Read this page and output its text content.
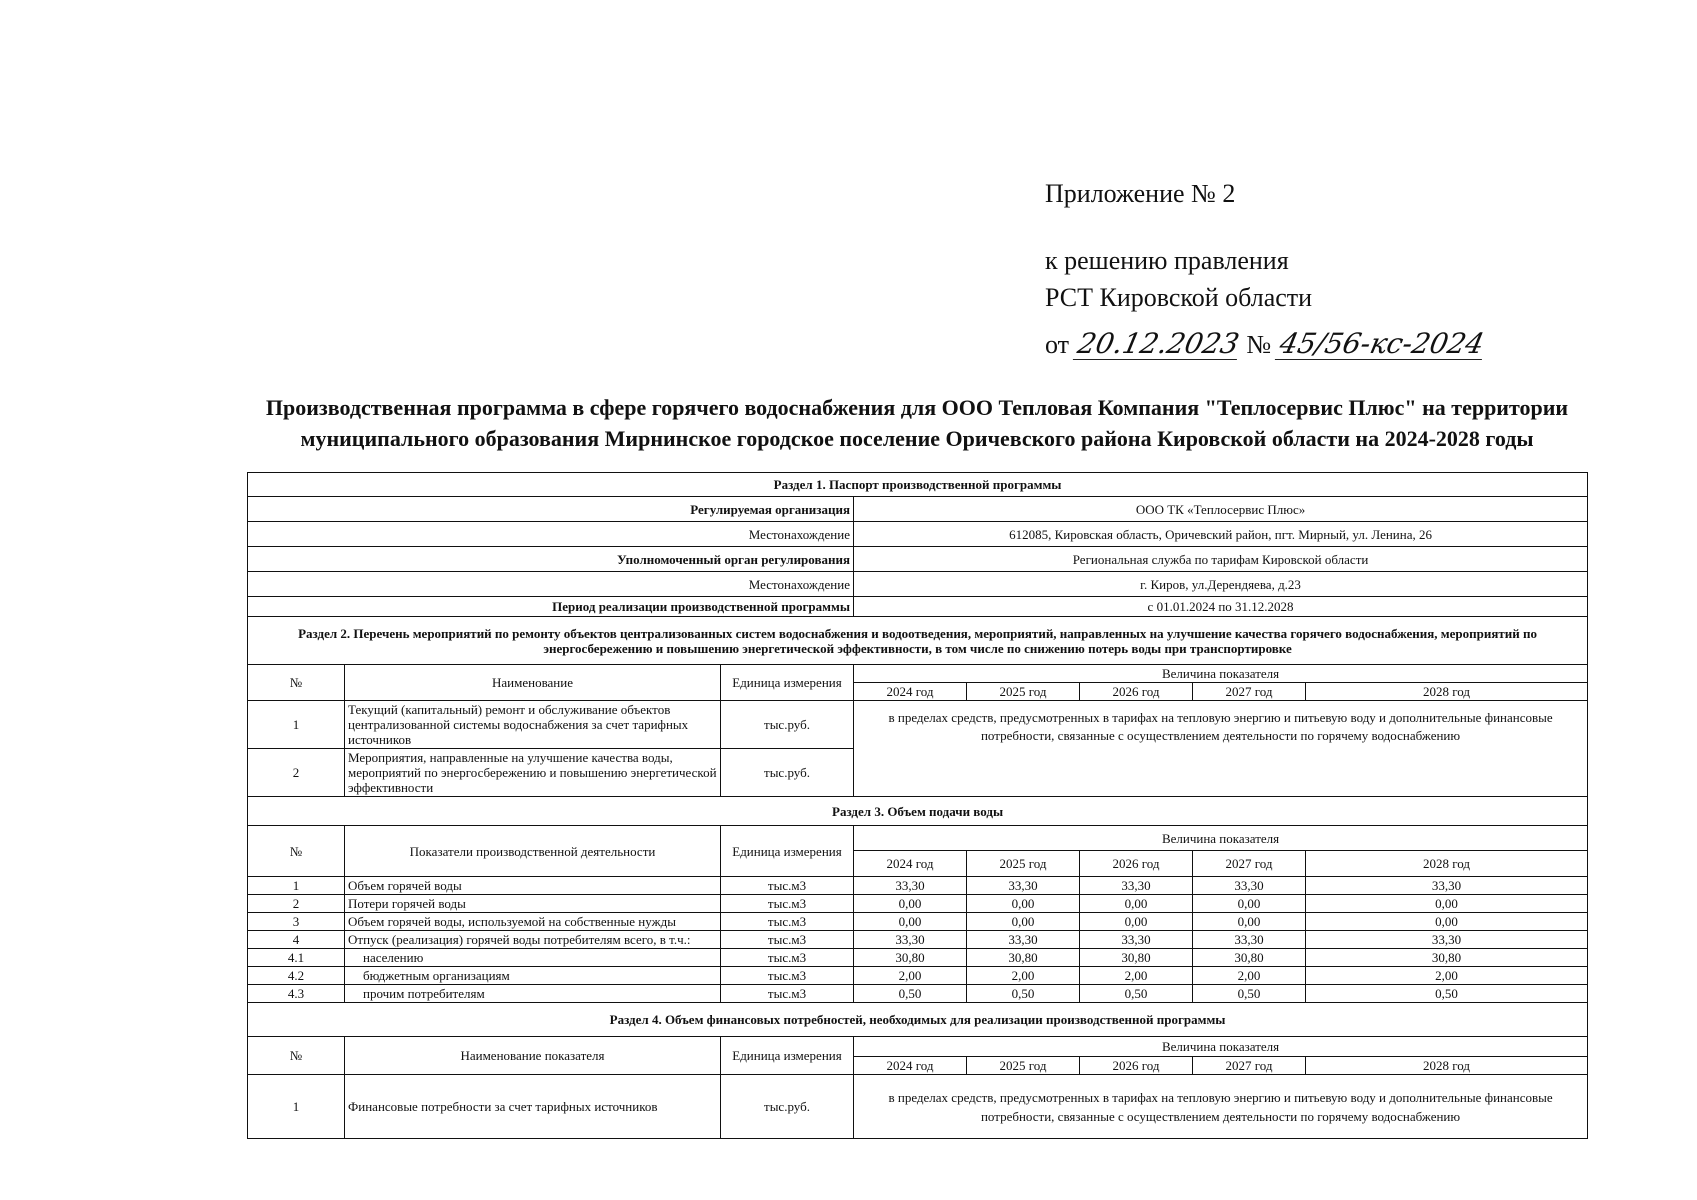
Приложение № 2
к решению правления
РСТ Кировской области
от 20.12.2023 № 45/56-кс-2024
Производственная программа в сфере горячего водоснабжения для ООО Тепловая Компания "Теплосервис Плюс" на территории муниципального образования Мирнинское городское поселение Оричевского района Кировской области на 2024-2028 годы
Раздел 1. Паспорт производственной программы							
Регулируемая организация			ООО ТК «Теплосервис Плюс»				
Местонахождение			612085, Кировская область, Оричевский район, пгт. Мирный, ул. Ленина, 26				
Уполномоченный орган регулирования			Региональная служба по тарифам Кировской области				
Местонахождение			г. Киров, ул.Дерендяева, д.23				
Период реализации производственной программы			с 01.01.2024 по 31.12.2028				
Раздел 2. Перечень мероприятий по ремонту объектов централизованных систем водоснабжения и водоотведения, мероприятий, направленных на улучшение качества горячего водоснабжения, мероприятий по энергосбережению и повышению энергетической эффективности, в том числе по снижению потерь воды при транспортировке							
№	Наименование	Единица измерения	Величина показателя				
			2024 год	2025 год	2026 год	2027 год	2028 год
1	Текущий (капитальный) ремонт и обслуживание объектов централизованной системы водоснабжения за счет тарифных источников	тыс.руб.	в пределах средств, предусмотренных в тарифах на тепловую энергию и питьевую воду и дополнительные финансовые потребности, связанные с осуществлением деятельности по горячему водоснабжению				
2	Мероприятия, направленные на улучшение качества воды, мероприятий по энергосбережению и повышению энергетической эффективности	тыс.руб.					
Раздел 3. Объем подачи воды							
№	Показатели производственной деятельности	Единица измерения	Величина показателя				
			2024 год	2025 год	2026 год	2027 год	2028 год
1	Объем горячей воды	тыс.м3	33,30	33,30	33,30	33,30	33,30
2	Потери горячей воды	тыс.м3	0,00	0,00	0,00	0,00	0,00
3	Объем горячей воды, используемой на собственные нужды	тыс.м3	0,00	0,00	0,00	0,00	0,00
4	Отпуск (реализация) горячей воды потребителям всего, в т.ч.:	тыс.м3	33,30	33,30	33,30	33,30	33,30
4.1	населению	тыс.м3	30,80	30,80	30,80	30,80	30,80
4.2	бюджетным организациям	тыс.м3	2,00	2,00	2,00	2,00	2,00
4.3	прочим потребителям	тыс.м3	0,50	0,50	0,50	0,50	0,50
Раздел 4. Объем финансовых потребностей, необходимых для реализации производственной программы							
№	Наименование показателя	Единица измерения	Величина показателя				
			2024 год	2025 год	2026 год	2027 год	2028 год
1	Финансовые потребности за счет тарифных источников	тыс.руб.	в пределах средств, предусмотренных в тарифах на тепловую энергию и питьевую воду и дополнительные финансовые потребности, связанные с осуществлением деятельности по горячему водоснабжению				
